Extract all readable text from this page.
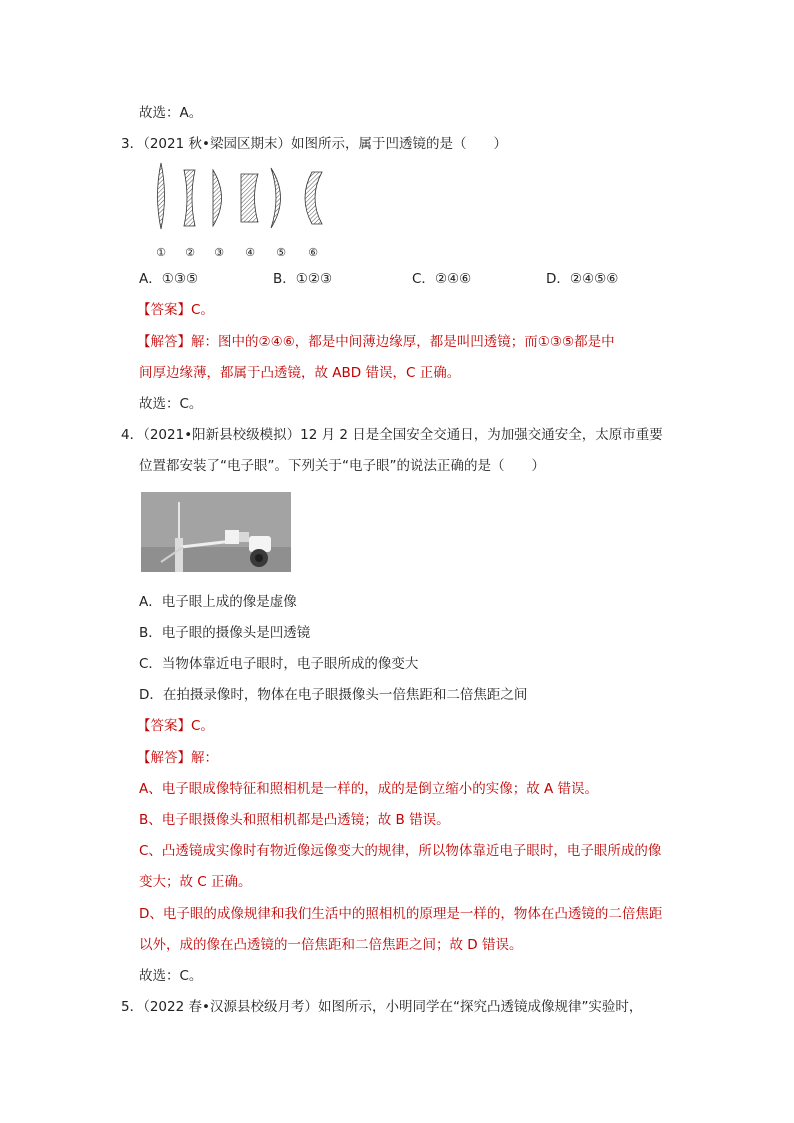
故选：A。
3．（2021 秋•梁园区期末）如图所示，属于凹透镜的是（　　）
① ② ③ ④ ⑤ ⑥
A．①③⑤	B．①②③	C．②④⑥	D．②④⑤⑥
【答案】C。
【解答】解：图中的②④⑥，都是中间薄边缘厚，都是叫凹透镜；而①③⑤都是中
间厚边缘薄，都属于凸透镜，故 ABD 错误，C 正确。
故选：C。
4．（2021•阳新县校级模拟）12 月 2 日是全国安全交通日，为加强交通安全，太原市重要
位置都安装了“电子眼”。下列关于“电子眼”的说法正确的是（　　）
A．电子眼上成的像是虚像
B．电子眼的摄像头是凹透镜
C．当物体靠近电子眼时，电子眼所成的像变大
D．在拍摄录像时，物体在电子眼摄像头一倍焦距和二倍焦距之间
【答案】C。
【解答】解：
A、电子眼成像特征和照相机是一样的，成的是倒立缩小的实像；故 A 错误。
B、电子眼摄像头和照相机都是凸透镜；故 B 错误。
C、凸透镜成实像时有物近像远像变大的规律，所以物体靠近电子眼时，电子眼所成的像
变大；故 C 正确。
D、电子眼的成像规律和我们生活中的照相机的原理是一样的，物体在凸透镜的二倍焦距
以外，成的像在凸透镜的一倍焦距和二倍焦距之间；故 D 错误。
故选：C。
5．（2022 春•汉源县校级月考）如图所示，小明同学在“探究凸透镜成像规律”实验时，
